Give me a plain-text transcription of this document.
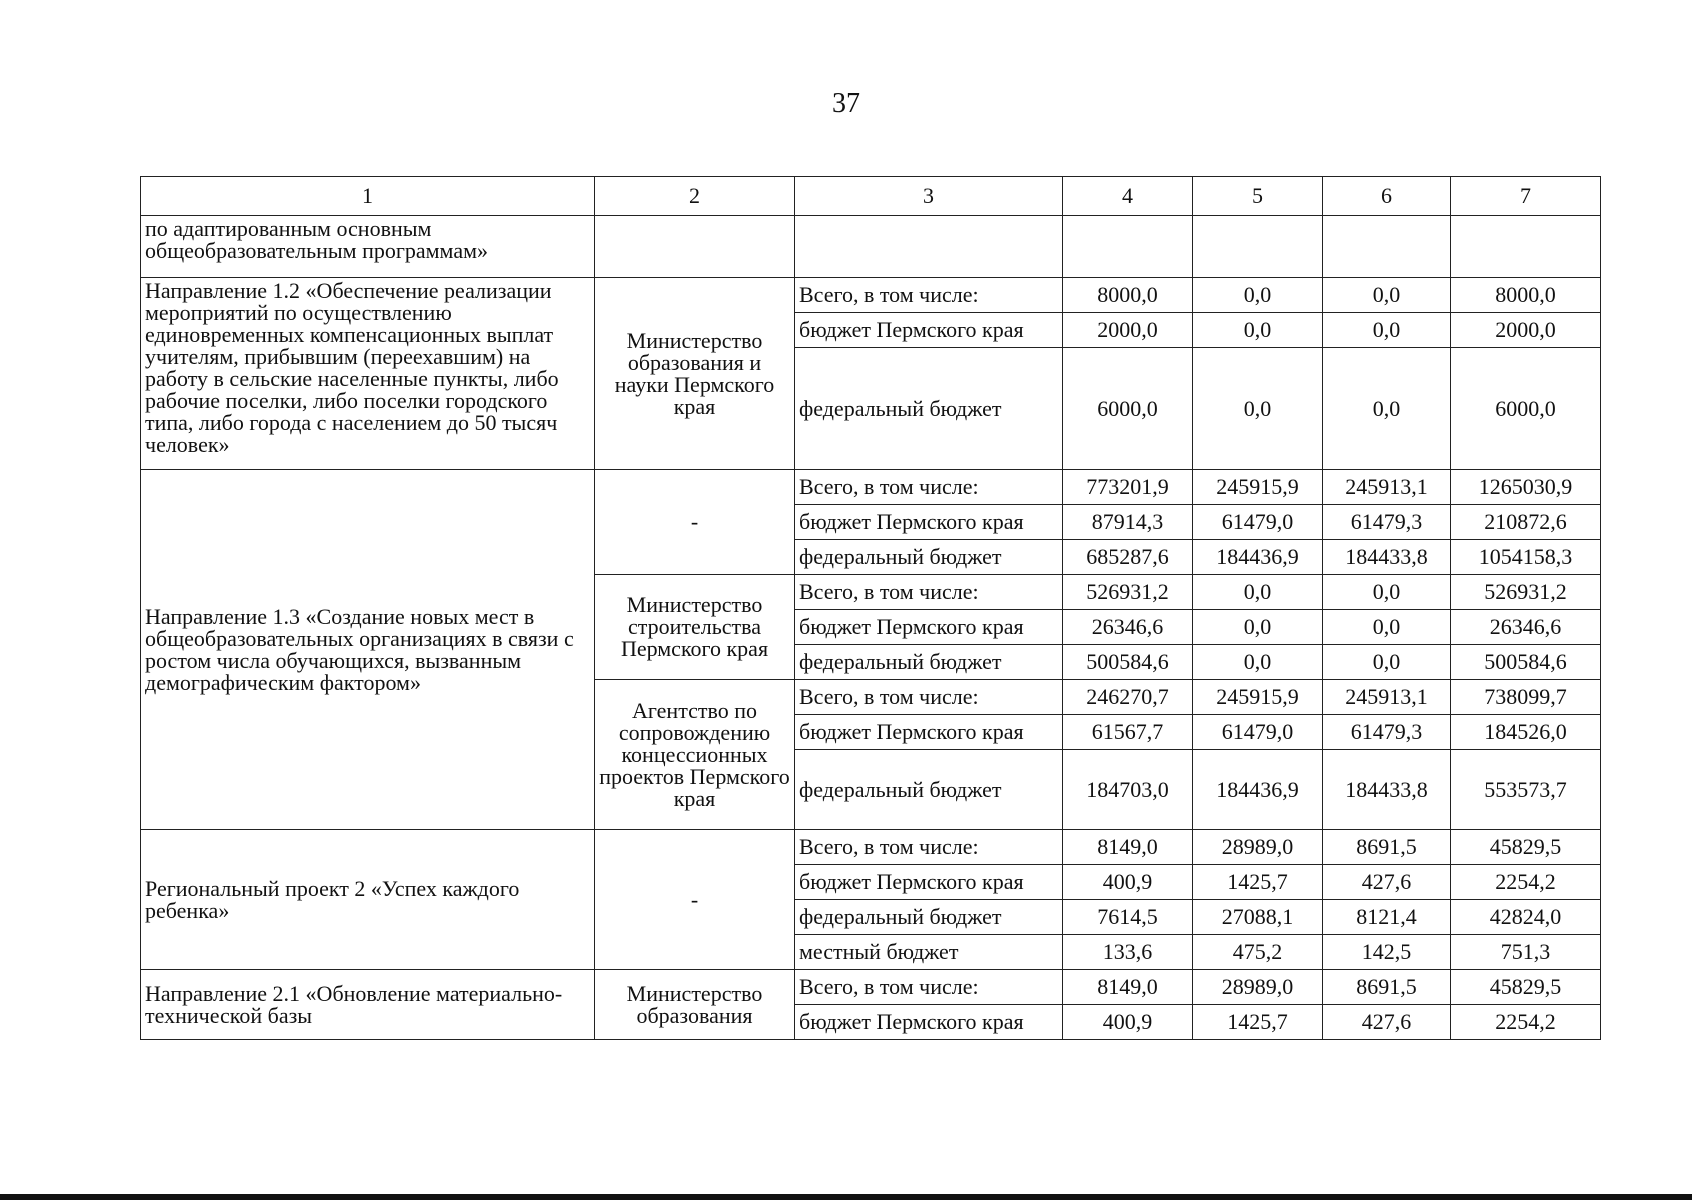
37
1	2	3	4	5	6	7
по адаптированным основным общеобразовательным программам»						
Направление 1.2 «Обеспечение реализации мероприятий по осуществлению единовременных компенсационных выплат учителям, прибывшим (переехавшим) на работу в сельские населенные пункты, либо рабочие поселки, либо поселки городского типа, либо города с населением до 50 тысяч человек»	Министерство образования и науки Пермского края	Всего, в том числе:	8000,0	0,0	0,0	8000,0
		бюджет Пермского края	2000,0	0,0	0,0	2000,0
		федеральный бюджет	6000,0	0,0	0,0	6000,0
Направление 1.3 «Создание новых мест в общеобразовательных организациях в связи с ростом числа обучающихся, вызванным демографическим фактором»	-	Всего, в том числе:	773201,9	245915,9	245913,1	1265030,9
		бюджет Пермского края	87914,3	61479,0	61479,3	210872,6
		федеральный бюджет	685287,6	184436,9	184433,8	1054158,3
	Министерство строительства Пермского края	Всего, в том числе:	526931,2	0,0	0,0	526931,2
		бюджет Пермского края	26346,6	0,0	0,0	26346,6
		федеральный бюджет	500584,6	0,0	0,0	500584,6
	Агентство по сопровождению концессионных проектов Пермского края	Всего, в том числе:	246270,7	245915,9	245913,1	738099,7
		бюджет Пермского края	61567,7	61479,0	61479,3	184526,0
		федеральный бюджет	184703,0	184436,9	184433,8	553573,7
Региональный проект 2 «Успех каждого ребенка»	-	Всего, в том числе:	8149,0	28989,0	8691,5	45829,5
		бюджет Пермского края	400,9	1425,7	427,6	2254,2
		федеральный бюджет	7614,5	27088,1	8121,4	42824,0
		местный бюджет	133,6	475,2	142,5	751,3
Направление 2.1 «Обновление материально-технической базы	Министерство образования	Всего, в том числе:	8149,0	28989,0	8691,5	45829,5
		бюджет Пермского края	400,9	1425,7	427,6	2254,2
